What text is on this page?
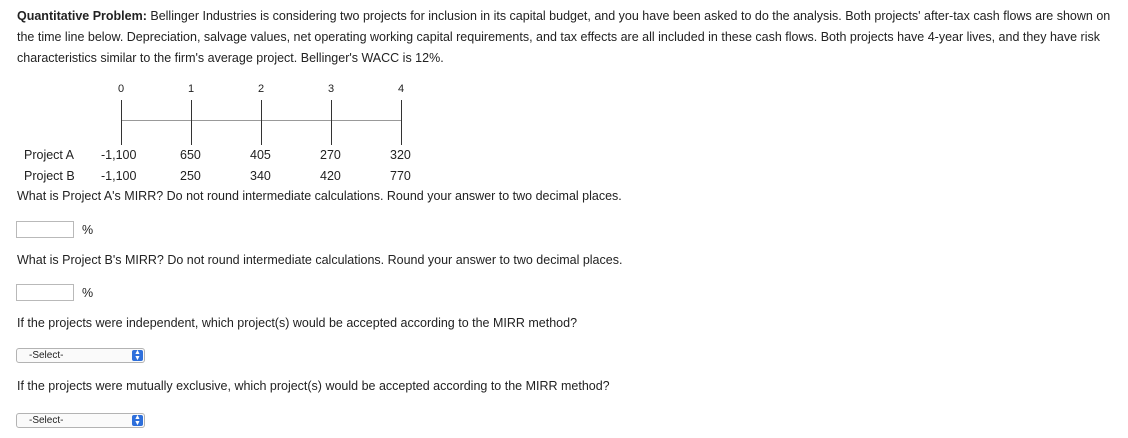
Quantitative Problem: Bellinger Industries is considering two projects for inclusion in its capital budget, and you have been asked to do the analysis. Both projects' after-tax cash flows are shown on the time line below. Depreciation, salvage values, net operating working capital requirements, and tax effects are all included in these cash flows. Both projects have 4-year lives, and they have risk characteristics similar to the firm's average project. Bellinger's WACC is 12%.

0	1	2	3	4
Project A -1,100	650	405	270	320
Project B -1,100	250	340	420	770

What is Project A's MIRR? Do not round intermediate calculations. Round your answer to two decimal places.

%

What is Project B's MIRR? Do not round intermediate calculations. Round your answer to two decimal places.

%

If the projects were independent, which project(s) would be accepted according to the MIRR method?

-Select-	▲
▼

If the projects were mutually exclusive, which project(s) would be accepted according to the MIRR method?

-Select-	▲
▼
